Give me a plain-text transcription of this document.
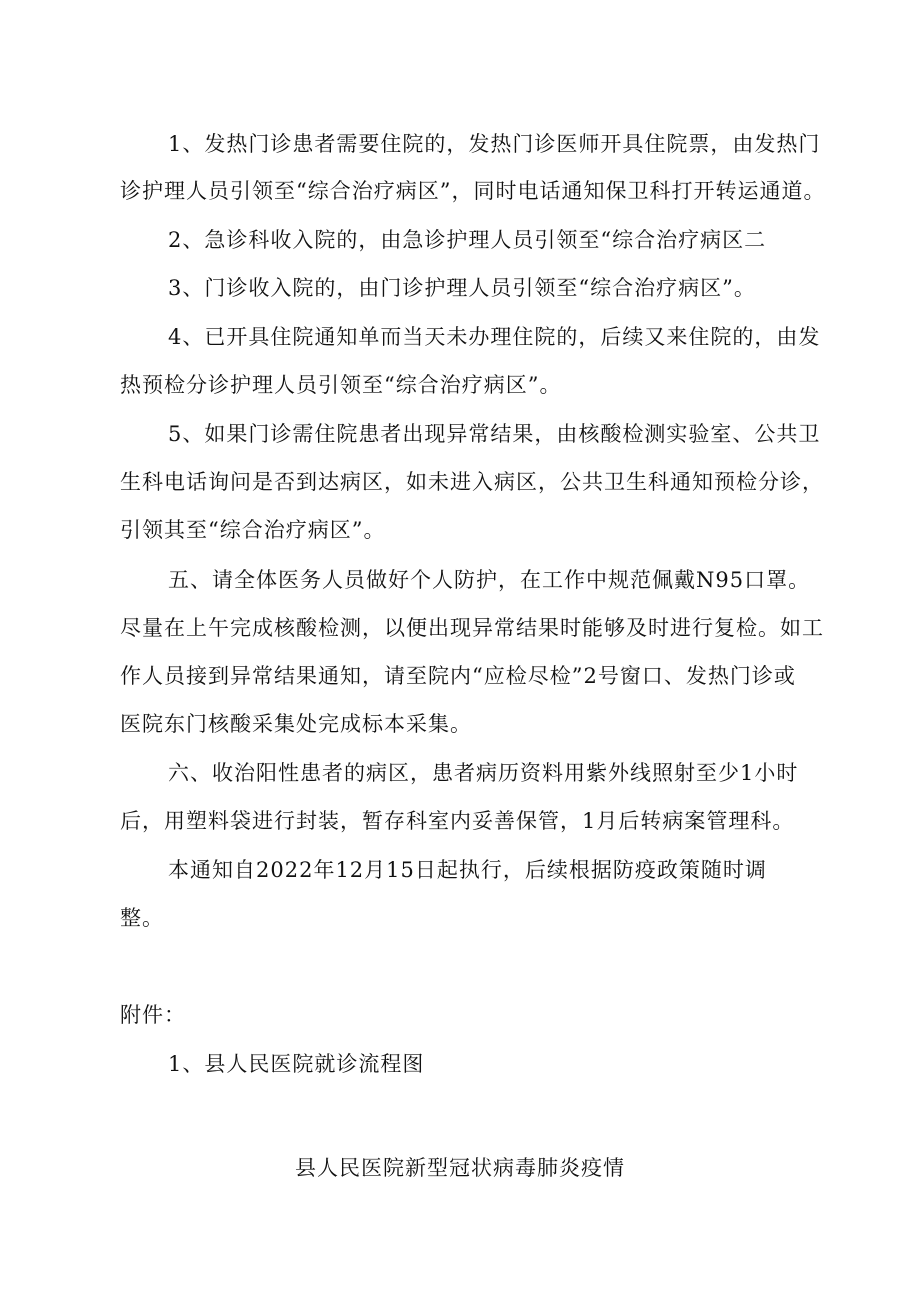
1、发热门诊患者需要住院的，发热门诊医师开具住院票，由发热门
诊护理人员引领至“综合治疗病区”，同时电话通知保卫科打开转运通道。
2、急诊科收入院的，由急诊护理人员引领至“综合治疗病区二
3、门诊收入院的，由门诊护理人员引领至“综合治疗病区”。
4、已开具住院通知单而当天未办理住院的，后续又来住院的，由发
热预检分诊护理人员引领至“综合治疗病区”。
5、如果门诊需住院患者出现异常结果，由核酸检测实验室、公共卫
生科电话询问是否到达病区，如未进入病区，公共卫生科通知预检分诊，
引领其至“综合治疗病区”。
五、请全体医务人员做好个人防护，在工作中规范佩戴N95口罩。
尽量在上午完成核酸检测，以便出现异常结果时能够及时进行复检。如工
作人员接到异常结果通知，请至院内“应检尽检”2号窗口、发热门诊或
医院东门核酸采集处完成标本采集。
六、收治阳性患者的病区，患者病历资料用紫外线照射至少1小时
后，用塑料袋进行封装，暂存科室内妥善保管，1月后转病案管理科。
本通知自2022年12月15日起执行，后续根据防疫政策随时调
整。
附件：
1、县人民医院就诊流程图
县人民医院新型冠状病毒肺炎疫情
